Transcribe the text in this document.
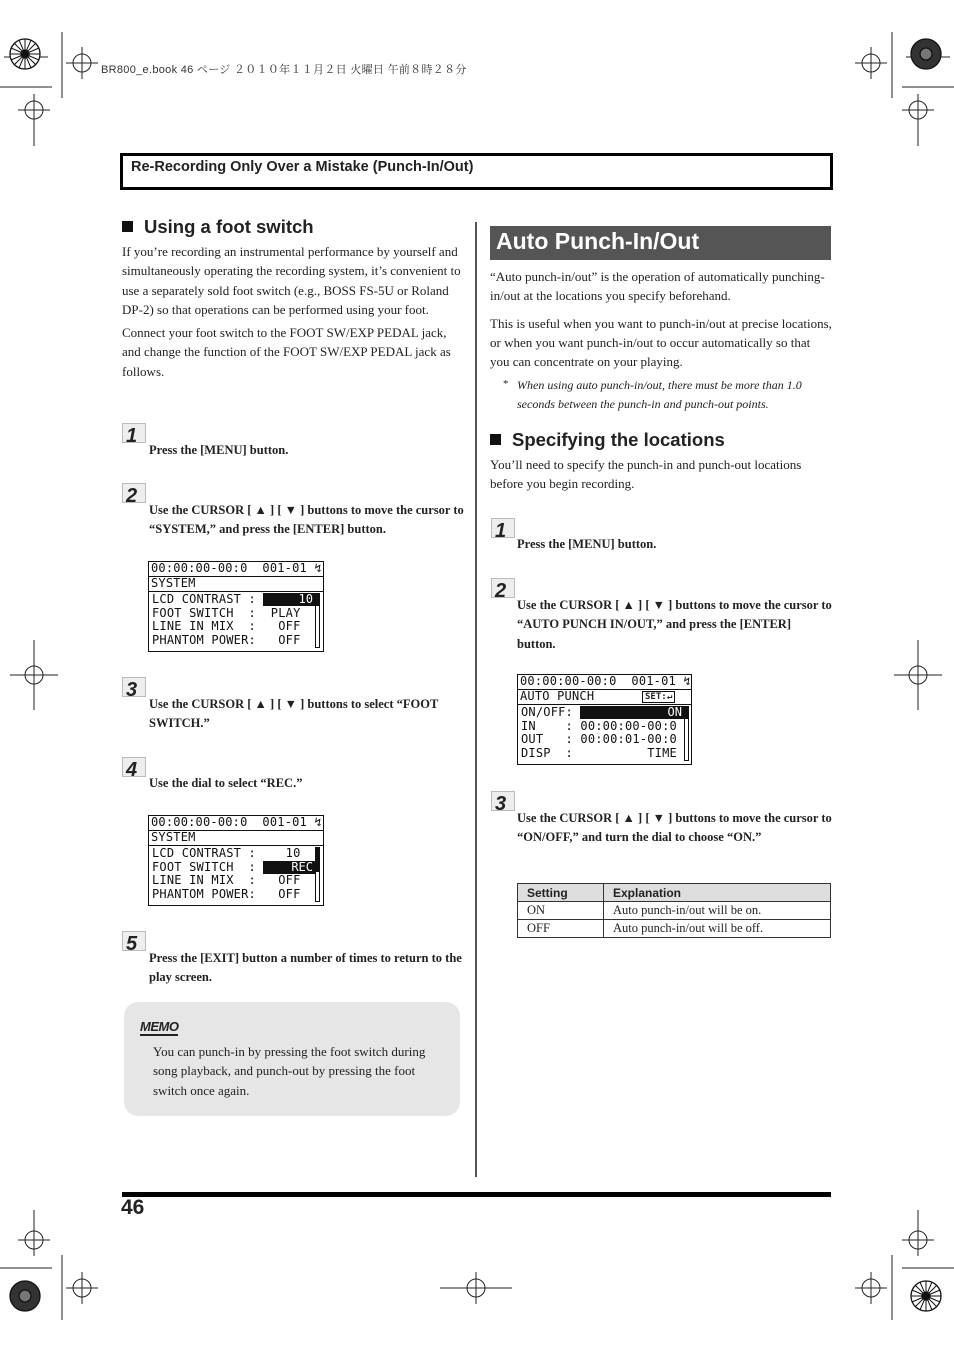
BR800_e.book 46 ページ ２０１０年１１月２日 火曜日 午前８時２８分
Re-Recording Only Over a Mistake (Punch-In/Out)
Using a foot switch

If you’re recording an instrumental performance by yourself and simultaneously operating the recording system, it’s convenient to use a separately sold foot switch (e.g., BOSS FS-5U or Roland DP-2) so that operations can be performed using your foot.

Connect your foot switch to the FOOT SW/EXP PEDAL jack, and change the function of the FOOT SW/EXP PEDAL jack as follows.

1
Press the [MENU] button.
2
Use the CURSOR [ ▲ ] [ ▼ ] buttons to move the cursor to “SYSTEM,” and press the [ENTER] button.
00:00:00-00:0 001-01 ↯
SYSTEM
LCD CONTRAST :	10
FOOT SWITCH  :  PLAY
LINE IN MIX  :   OFF
PHANTOM POWER:   OFF
3
Use the CURSOR [ ▲ ] [ ▼ ] buttons to select “FOOT SWITCH.”
4
Use the dial to select “REC.”
00:00:00-00:0 001-01 ↯
SYSTEM
LCD CONTRAST :    10
FOOT SWITCH  :	REC
LINE IN MIX  :   OFF
PHANTOM POWER:   OFF
5
Press the [EXIT] button a number of times to return to the play screen.
MEMO
You can punch-in by pressing the foot switch during song playback, and punch-out by pressing the foot switch once again.
Auto Punch-In/Out

“Auto punch-in/out” is the operation of automatically punching-in/out at the locations you specify beforehand.

This is useful when you want to punch-in/out at precise locations, or when you want punch-in/out to occur automatically so that you can concentrate on your playing.

* When using auto punch-in/out, there must be more than 1.0 seconds between the punch-in and punch-out points.
Specifying the locations
You’ll need to specify the punch-in and punch-out locations before you begin recording.
1
Press the [MENU] button.
2
Use the CURSOR [ ▲ ] [ ▼ ] buttons to move the cursor to “AUTO PUNCH IN/OUT,” and press the [ENTER] button.
00:00:00-00:0 001-01 ↯
AUTO PUNCH	SET:↵
ON/OFF:	ON
IN    : 00:00:00-00:0
OUT   : 00:00:01-00:0
DISP  :          TIME
3
Use the CURSOR [ ▲ ] [ ▼ ] buttons to move the cursor to “ON/OFF,” and turn the dial to choose “ON.”
Setting	Explanation
ON	Auto punch-in/out will be on.
OFF	Auto punch-in/out will be off.
46
